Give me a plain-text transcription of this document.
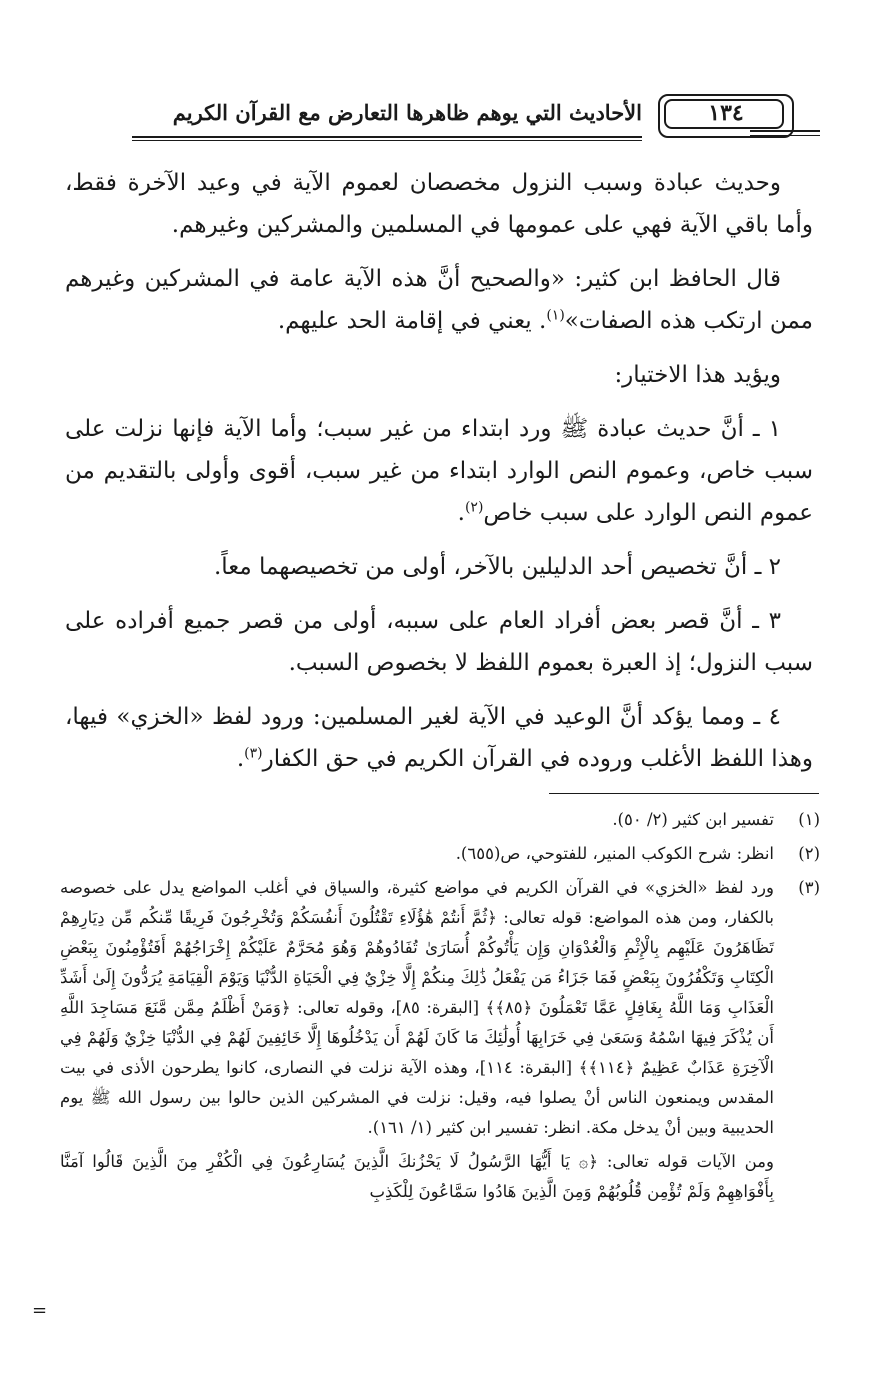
١٣٤
الأحاديث التي يوهم ظاهرها التعارض مع القرآن الكريم

وحديث عبادة وسبب النزول مخصصان لعموم الآية في وعيد الآخرة فقط، وأما باقي الآية فهي على عمومها في المسلمين والمشركين وغيرهم.

قال الحافظ ابن كثير: «والصحيح أنَّ هذه الآية عامة في المشركين وغيرهم ممن ارتكب هذه الصفات»$^{(١)}$. يعني في إقامة الحد عليهم.

ويؤيد هذا الاختيار:

١ ـ أنَّ حديث عبادة ﷺ ورد ابتداء من غير سبب؛ وأما الآية فإنها نزلت على سبب خاص، وعموم النص الوارد ابتداء من غير سبب، أقوى وأولى بالتقديم من عموم النص الوارد على سبب خاص$^{(٢)}$.

٢ ـ أنَّ تخصيص أحد الدليلين بالآخر، أولى من تخصيصهما معاً.

٣ ـ أنَّ قصر بعض أفراد العام على سببه، أولى من قصر جميع أفراده على سبب النزول؛ إذ العبرة بعموم اللفظ لا بخصوص السبب.

٤ ـ ومما يؤكد أنَّ الوعيد في الآية لغير المسلمين: ورود لفظ «الخزي» فيها، وهذا اللفظ الأغلب وروده في القرآن الكريم في حق الكفار$^{(٣)}$.

(١)
تفسير ابن كثير (٢/ ٥٠).
(٢)
انظر: شرح الكوكب المنير، للفتوحي، ص(٦٥٥).
(٣)
ورد لفظ «الخزي» في القرآن الكريم في مواضع كثيرة، والسياق في أغلب المواضع يدل على خصوصه بالكفار، ومن هذه المواضع: قوله تعالى: ﴿ثُمَّ أَنتُمْ هَٰؤُلَاءِ تَقْتُلُونَ أَنفُسَكُمْ وَتُخْرِجُونَ فَرِيقًا مِّنكُم مِّن دِيَارِهِمْ تَظَاهَرُونَ عَلَيْهِم بِالْإِثْمِ وَالْعُدْوَانِ وَإِن يَأْتُوكُمْ أُسَارَىٰ تُفَادُوهُمْ وَهُوَ مُحَرَّمٌ عَلَيْكُمْ إِخْرَاجُهُمْ أَفَتُؤْمِنُونَ بِبَعْضِ الْكِتَابِ وَتَكْفُرُونَ بِبَعْضٍ فَمَا جَزَاءُ مَن يَفْعَلُ ذَٰلِكَ مِنكُمْ إِلَّا خِزْيٌ فِي الْحَيَاةِ الدُّنْيَا وَيَوْمَ الْقِيَامَةِ يُرَدُّونَ إِلَىٰ أَشَدِّ الْعَذَابِ وَمَا اللَّهُ بِغَافِلٍ عَمَّا تَعْمَلُونَ ﴿٨٥﴾﴾ [البقرة: ٨٥]، وقوله تعالى: ﴿وَمَنْ أَظْلَمُ مِمَّن مَّنَعَ مَسَاجِدَ اللَّهِ أَن يُذْكَرَ فِيهَا اسْمُهُ وَسَعَىٰ فِي خَرَابِهَا أُولَٰئِكَ مَا كَانَ لَهُمْ أَن يَدْخُلُوهَا إِلَّا خَائِفِينَ لَهُمْ فِي الدُّنْيَا خِزْيٌ وَلَهُمْ فِي الْآخِرَةِ عَذَابٌ عَظِيمٌ ﴿١١٤﴾﴾ [البقرة: ١١٤]، وهذه الآية نزلت في النصارى، كانوا يطرحون الأذى في بيت المقدس ويمنعون الناس أنْ يصلوا فيه، وقيل: نزلت في المشركين الذين حالوا بين رسول الله ﷺ يوم الحديبية وبين أنْ يدخل مكة. انظر: تفسير ابن كثير (١/ ١٦١).
ومن الآيات قوله تعالى: ﴿۞ يَا أَيُّهَا الرَّسُولُ لَا يَحْزُنكَ الَّذِينَ يُسَارِعُونَ فِي الْكُفْرِ مِنَ الَّذِينَ قَالُوا آمَنَّا بِأَفْوَاهِهِمْ وَلَمْ تُؤْمِن قُلُوبُهُمْ وَمِنَ الَّذِينَ هَادُوا سَمَّاعُونَ لِلْكَذِبِ
=
